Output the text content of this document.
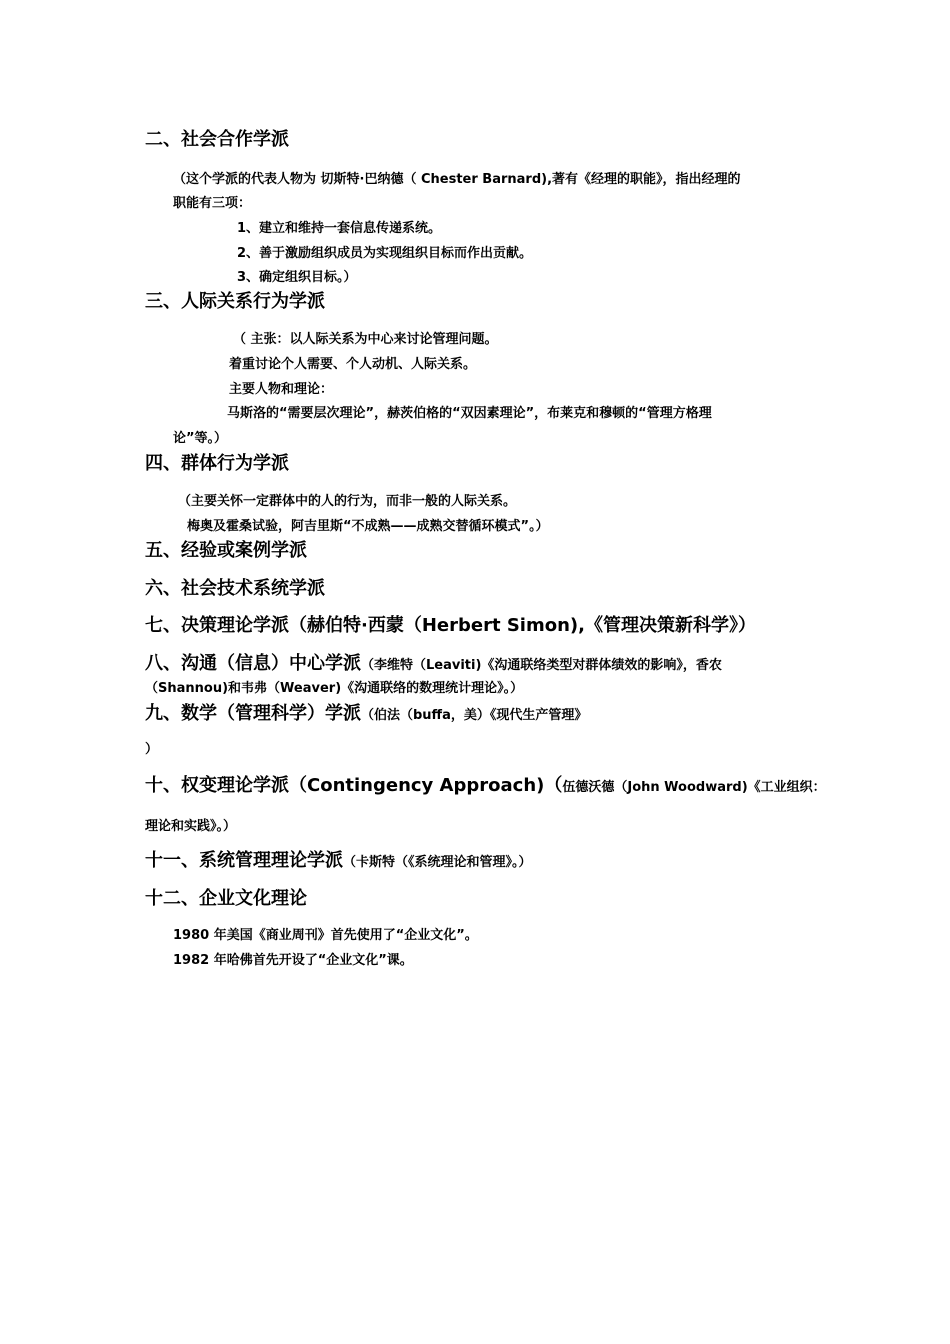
二、社会合作学派
（这个学派的代表人物为 切斯特·巴纳德（ Chester Barnard),著有《经理的职能》，指出经理的
职能有三项：
1、建立和维持一套信息传递系统。
2、善于激励组织成员为实现组织目标而作出贡献。
3、确定组织目标。）
三、人际关系行为学派
（ 主张：以人际关系为中心来讨论管理问题。
着重讨论个人需要、个人动机、人际关系。
主要人物和理论：
马斯洛的“需要层次理论”，赫茨伯格的“双因素理论”，布莱克和穆顿的“管理方格理
论”等。）
四、群体行为学派
（主要关怀一定群体中的人的行为，而非一般的人际关系。
梅奥及霍桑试验，阿吉里斯“不成熟——成熟交替循环模式”。）
五、经验或案例学派
六、社会技术系统学派
七、决策理论学派（赫伯特·西蒙（Herbert Simon),《管理决策新科学》）
八、沟通（信息）中心学派（李维特（Leaviti)《沟通联络类型对群体绩效的影响》，香农
（Shannou)和韦弗（Weaver)《沟通联络的数理统计理论》。）
九、数学（管理科学）学派（伯法（buffa，美）《现代生产管理》
）
十、权变理论学派（Contingency Approach)（伍德沃德（John Woodward)《工业组织：
理论和实践》。）
十一、系统管理理论学派（卡斯特（《系统理论和管理》。）
十二、企业文化理论
1980 年美国《商业周刊》首先使用了“企业文化”。
1982 年哈佛首先开设了“企业文化”课。
